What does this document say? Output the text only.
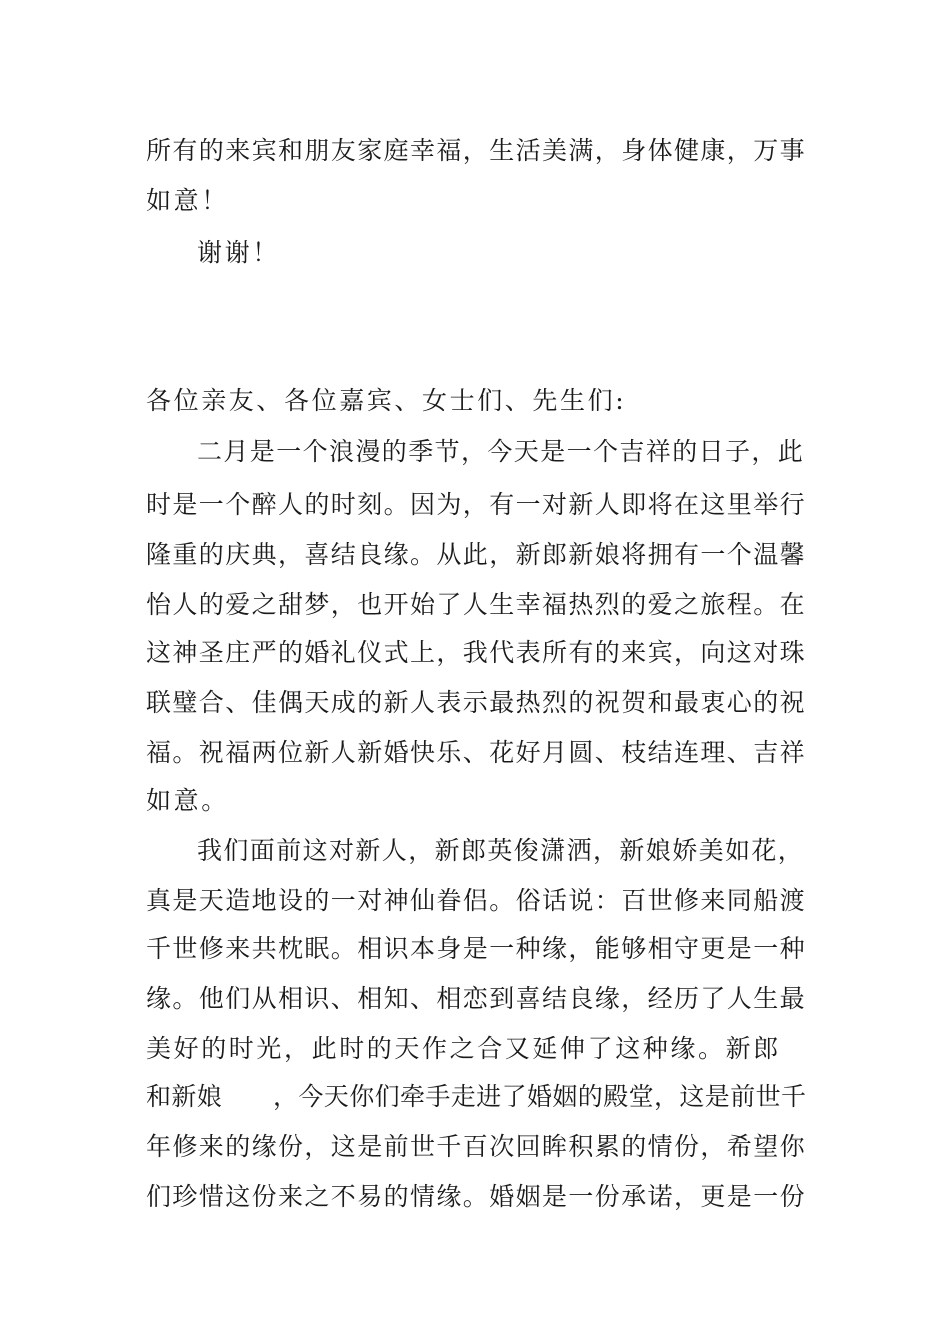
所有的来宾和朋友家庭幸福，生活美满，身体健康，万事
如意！
谢谢！
各位亲友、各位嘉宾、女士们、先生们:
二月是一个浪漫的季节，今天是一个吉祥的日子，此
时是一个醉人的时刻。因为，有一对新人即将在这里举行
隆重的庆典，喜结良缘。从此，新郎新娘将拥有一个温馨
怡人的爱之甜梦，也开始了人生幸福热烈的爱之旅程。在
这神圣庄严的婚礼仪式上，我代表所有的来宾，向这对珠
联璧合、佳偶天成的新人表示最热烈的祝贺和最衷心的祝
福。祝福两位新人新婚快乐、花好月圆、枝结连理、吉祥
如意。
我们面前这对新人，新郎英俊潇洒，新娘娇美如花，
真是天造地设的一对神仙眷侣。俗话说：百世修来同船渡
千世修来共枕眠。相识本身是一种缘，能够相守更是一种
缘。他们从相识、相知、相恋到喜结良缘，经历了人生最
美好的时光，此时的天作之合又延伸了这种缘。新郎
和新娘　　，今天你们牵手走进了婚姻的殿堂，这是前世千
年修来的缘份，这是前世千百次回眸积累的情份，希望你
们珍惜这份来之不易的情缘。婚姻是一份承诺，更是一份
